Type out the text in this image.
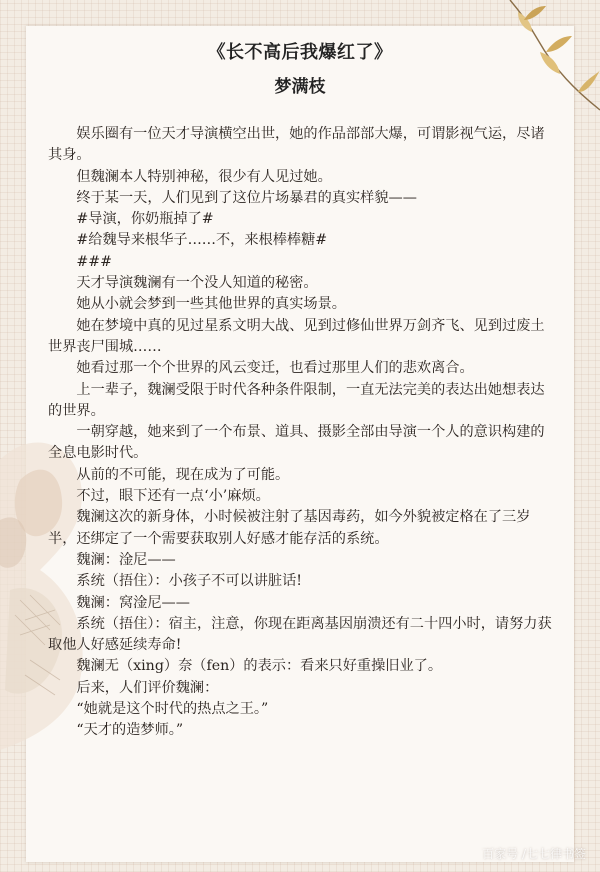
《长不高后我爆红了》
梦满枝

娱乐圈有一位天才导演横空出世，她的作品部部大爆，可谓影视气运，尽诸其身。

但魏澜本人特别神秘，很少有人见过她。

终于某一天，人们见到了这位片场暴君的真实样貌——

#导演，你奶瓶掉了#

#给魏导来根华子……不，来根棒棒糖#

###

天才导演魏澜有一个没人知道的秘密。

她从小就会梦到一些其他世界的真实场景。

她在梦境中真的见过星系文明大战、见到过修仙世界万剑齐飞、见到过废土世界丧尸围城……

她看过那一个个世界的风云变迁，也看过那里人们的悲欢离合。

上一辈子，魏澜受限于时代各种条件限制，一直无法完美的表达出她想表达的世界。

一朝穿越，她来到了一个布景、道具、摄影全部由导演一个人的意识构建的全息电影时代。

从前的不可能，现在成为了可能。

不过，眼下还有一点‘小’麻烦。

魏澜这次的新身体，小时候被注射了基因毒药，如今外貌被定格在了三岁半，还绑定了一个需要获取别人好感才能存活的系统。

魏澜：淦尼——

系统（捂住）：小孩子不可以讲脏话!

魏澜：窝淦尼——

系统（捂住）：宿主，注意，你现在距离基因崩溃还有二十四小时，请努力获取他人好感延续寿命!

魏澜无（xing）奈（fen）的表示：看来只好重操旧业了。

后来，人们评价魏澜：

“她就是这个时代的热点之王。”

“天才的造梦师。”

百家号 /七七律书签
